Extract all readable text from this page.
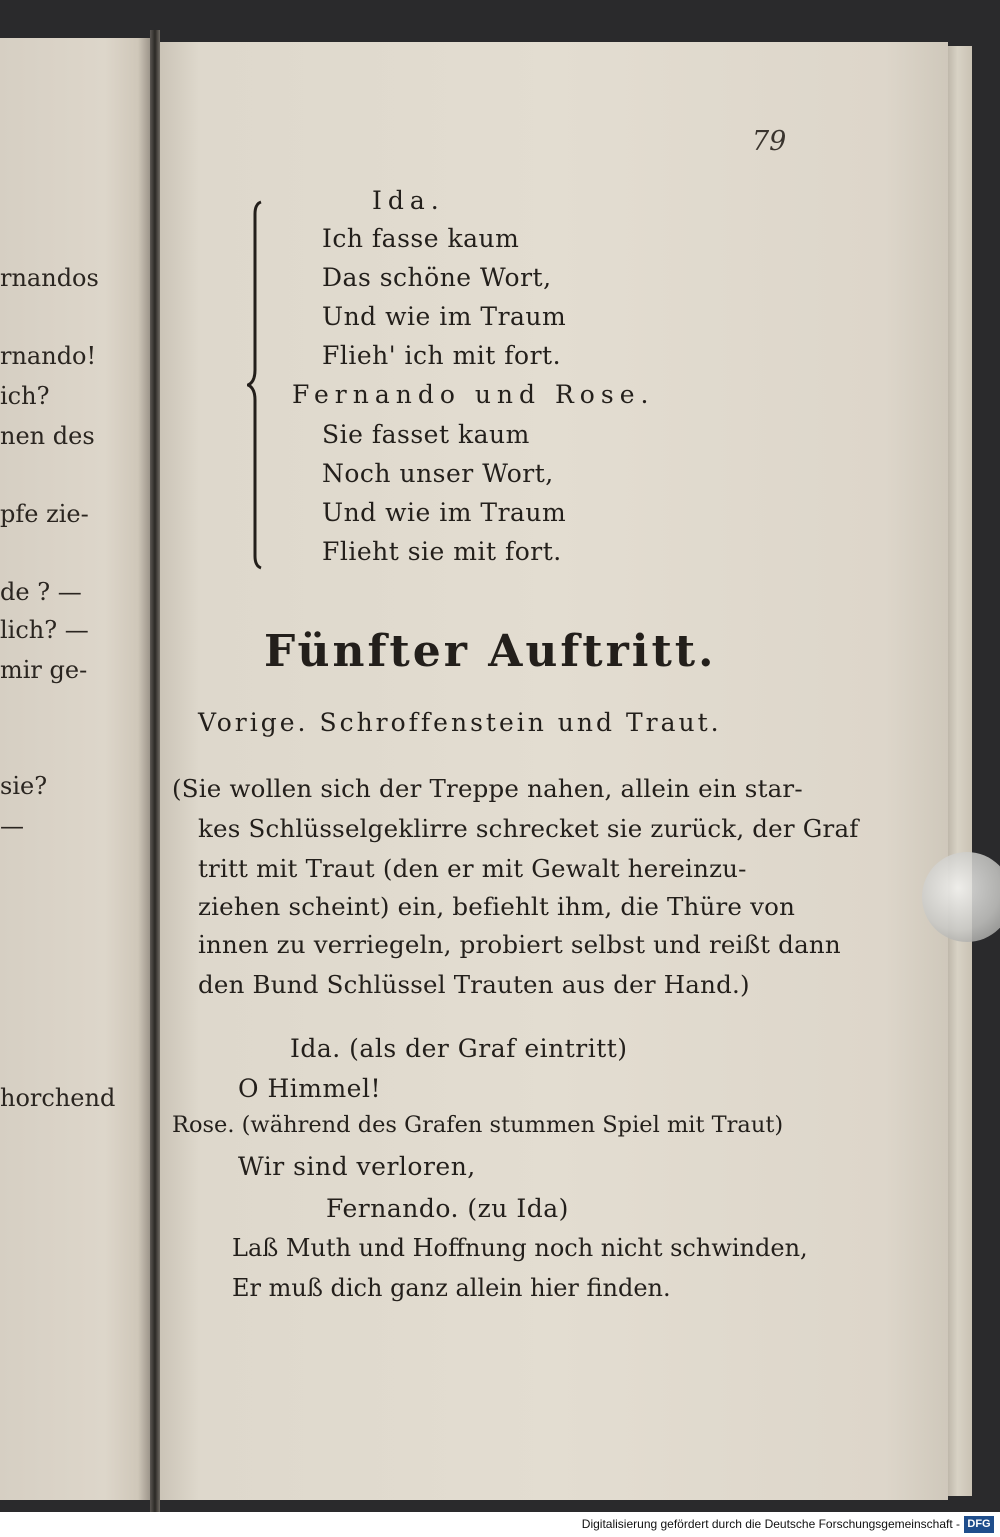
rnandos
rnando!
ich?
nen des
pfe zie-
de ? —
lich? —
mir ge-
sie?
—
horchend
79
Ida.
Ich fasse kaum
Das schöne Wort,
Und wie im Traum
Flieh' ich mit fort.
Fernando und Rose.
Sie fasset kaum
Noch unser Wort,
Und wie im Traum
Flieht sie mit fort.
Fünfter Auftritt.
Vorige. Schroffenstein und Traut.
(Sie wollen sich der Treppe nahen, allein ein star-
kes Schlüsselgeklirre schrecket sie zurück, der Graf
tritt mit Traut (den er mit Gewalt hereinzu-
ziehen scheint) ein, befiehlt ihm, die Thüre von
innen zu verriegeln, probiert selbst und reißt dann
den Bund Schlüssel Trauten aus der Hand.)
Ida. (als der Graf eintritt)
O Himmel!
Rose. (während des Grafen stummen Spiel mit Traut)
Wir sind verloren,
Fernando. (zu Ida)
Laß Muth und Hoffnung noch nicht schwinden,
Er muß dich ganz allein hier finden.
Digitalisierung gefördert durch die Deutsche Forschungsgemeinschaft - DFG
